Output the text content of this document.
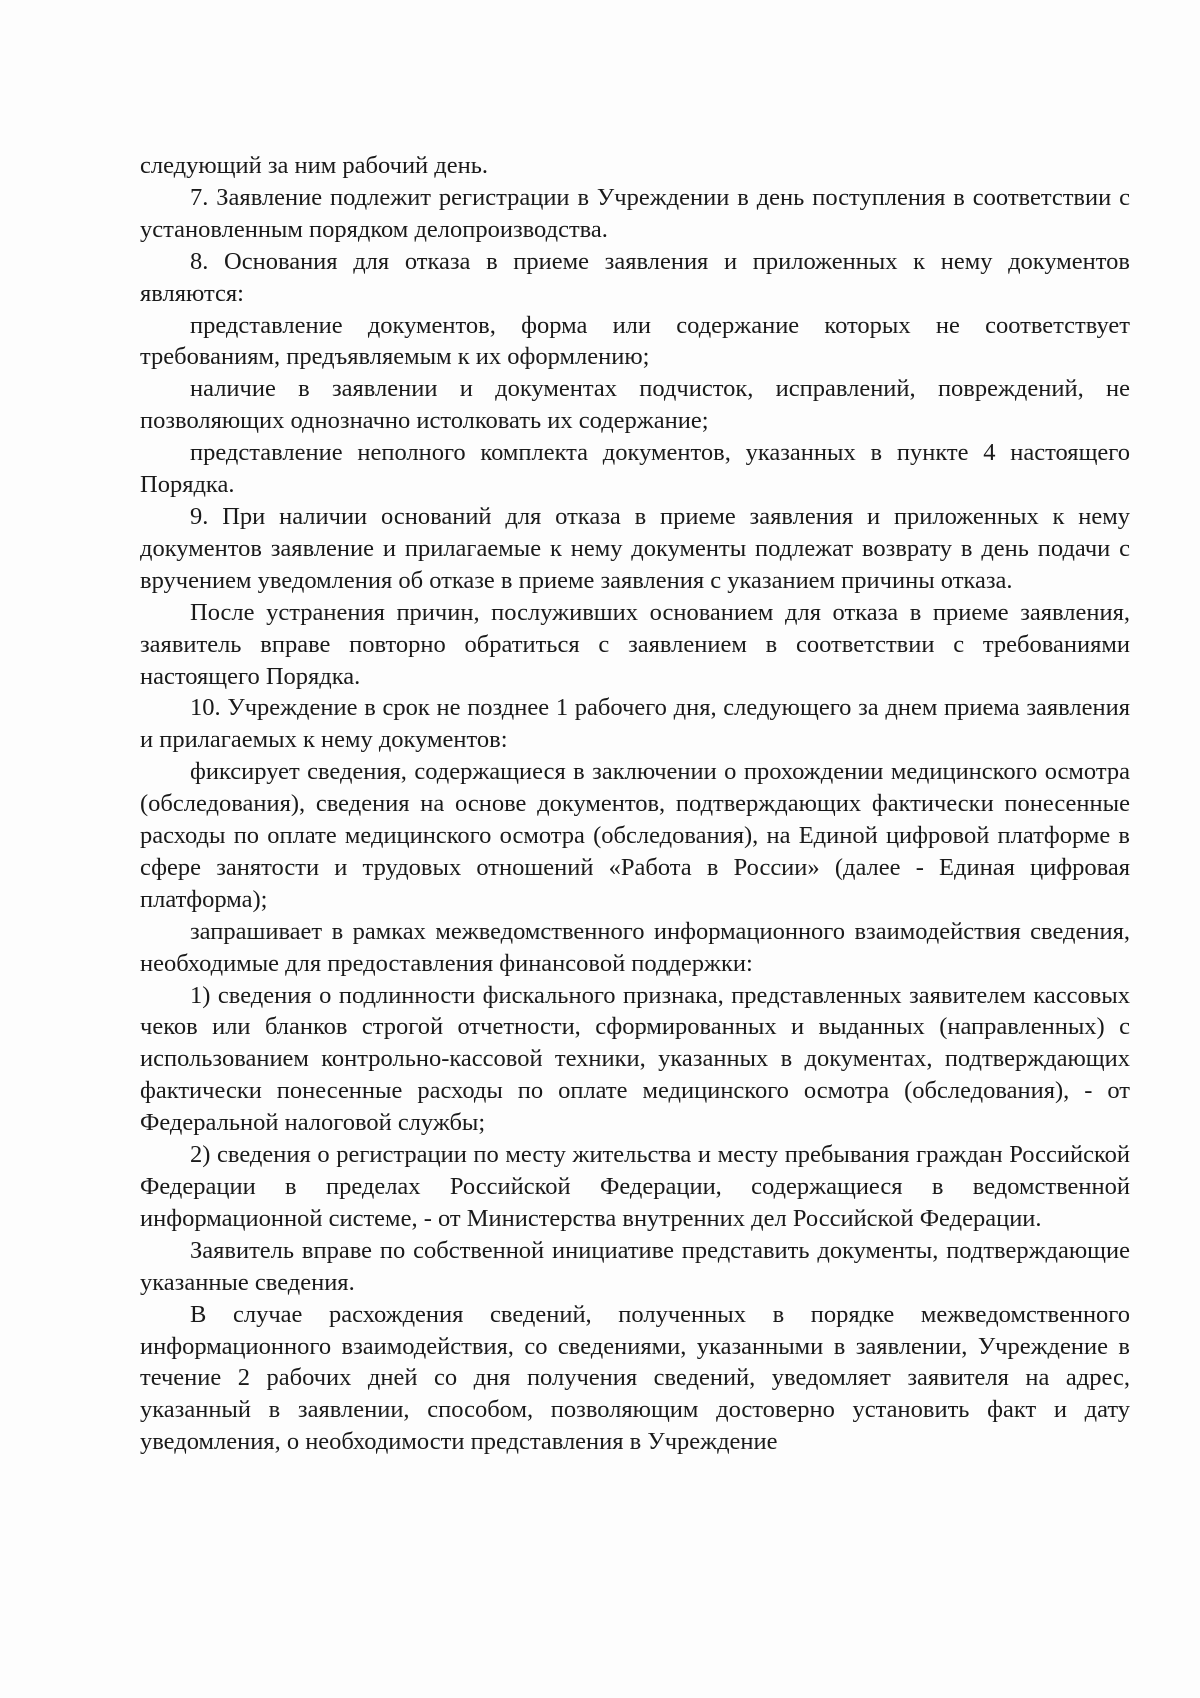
следующий за ним рабочий день.

7. Заявление подлежит регистрации в Учреждении в день поступления в соответствии с установленным порядком делопроизводства.

8. Основания для отказа в приеме заявления и приложенных к нему документов являются:

представление документов, форма или содержание которых не соответствует требованиям, предъявляемым к их оформлению;

наличие в заявлении и документах подчисток, исправлений, повреждений, не позволяющих однозначно истолковать их содержание;

представление неполного комплекта документов, указанных в пункте 4 настоящего Порядка.

9. При наличии оснований для отказа в приеме заявления и приложенных к нему документов заявление и прилагаемые к нему документы подлежат возврату в день подачи с вручением уведомления об отказе в приеме заявления с указанием причины отказа.

После устранения причин, послуживших основанием для отказа в приеме заявления, заявитель вправе повторно обратиться с заявлением в соответствии с требованиями настоящего Порядка.

10. Учреждение в срок не позднее 1 рабочего дня, следующего за днем приема заявления и прилагаемых к нему документов:

фиксирует сведения, содержащиеся в заключении о прохождении медицинского осмотра (обследования), сведения на основе документов, подтверждающих фактически понесенные расходы по оплате медицинского осмотра (обследования), на Единой цифровой платформе в сфере занятости и трудовых отношений «Работа в России» (далее - Единая цифровая платформа);

запрашивает в рамках межведомственного информационного взаимодействия сведения, необходимые для предоставления финансовой поддержки:

1) сведения о подлинности фискального признака, представленных заявителем кассовых чеков или бланков строгой отчетности, сформированных и выданных (направленных) с использованием контрольно-кассовой техники, указанных в документах, подтверждающих фактически понесенные расходы по оплате медицинского осмотра (обследования), - от Федеральной налоговой службы;

2) сведения о регистрации по месту жительства и месту пребывания граждан Российской Федерации в пределах Российской Федерации, содержащиеся в ведомственной информационной системе, - от Министерства внутренних дел Российской Федерации.

Заявитель вправе по собственной инициативе представить документы, подтверждающие указанные сведения.

В случае расхождения сведений, полученных в порядке межведомственного информационного взаимодействия, со сведениями, указанными в заявлении, Учреждение в течение 2 рабочих дней со дня получения сведений, уведомляет заявителя на адрес, указанный в заявлении, способом, позволяющим достоверно установить факт и дату уведомления, о необходимости представления в Учреждение
